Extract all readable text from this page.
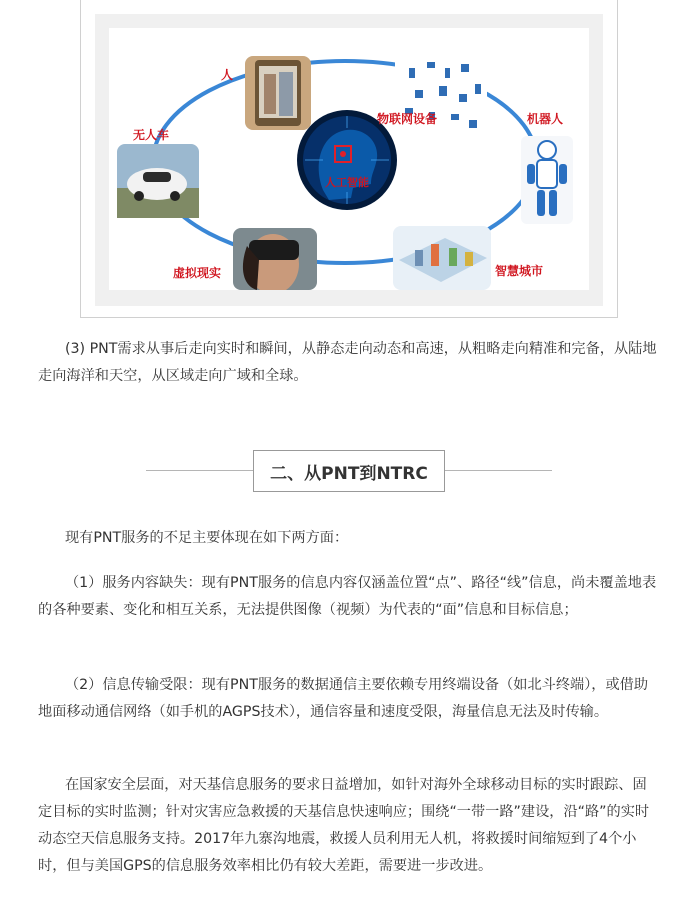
人工智能
人
物联网设备	机器人
智慧城市
虚拟现实
无人车

(3) PNT需求从事后走向实时和瞬间，从静态走向动态和高速，从粗略走向精准和完备，从陆地走向海洋和天空，从区域走向广域和全球。

二、从PNT到NTRC

现有PNT服务的不足主要体现在如下两方面：

（1）服务内容缺失：现有PNT服务的信息内容仅涵盖位置“点”、路径“线”信息，尚未覆盖地表的各种要素、变化和相互关系，无法提供图像（视频）为代表的“面”信息和目标信息；

（2）信息传输受限：现有PNT服务的数据通信主要依赖专用终端设备（如北斗终端），或借助地面移动通信网络（如手机的AGPS技术），通信容量和速度受限，海量信息无法及时传输。

在国家安全层面，对天基信息服务的要求日益增加，如针对海外全球移动目标的实时跟踪、固定目标的实时监测；针对灾害应急救援的天基信息快速响应；围绕“一带一路”建设，沿“路”的实时动态空天信息服务支持。2017年九寨沟地震，救援人员利用无人机，将救援时间缩短到了4个小时，但与美国GPS的信息服务效率相比仍有较大差距，需要进一步改进。
